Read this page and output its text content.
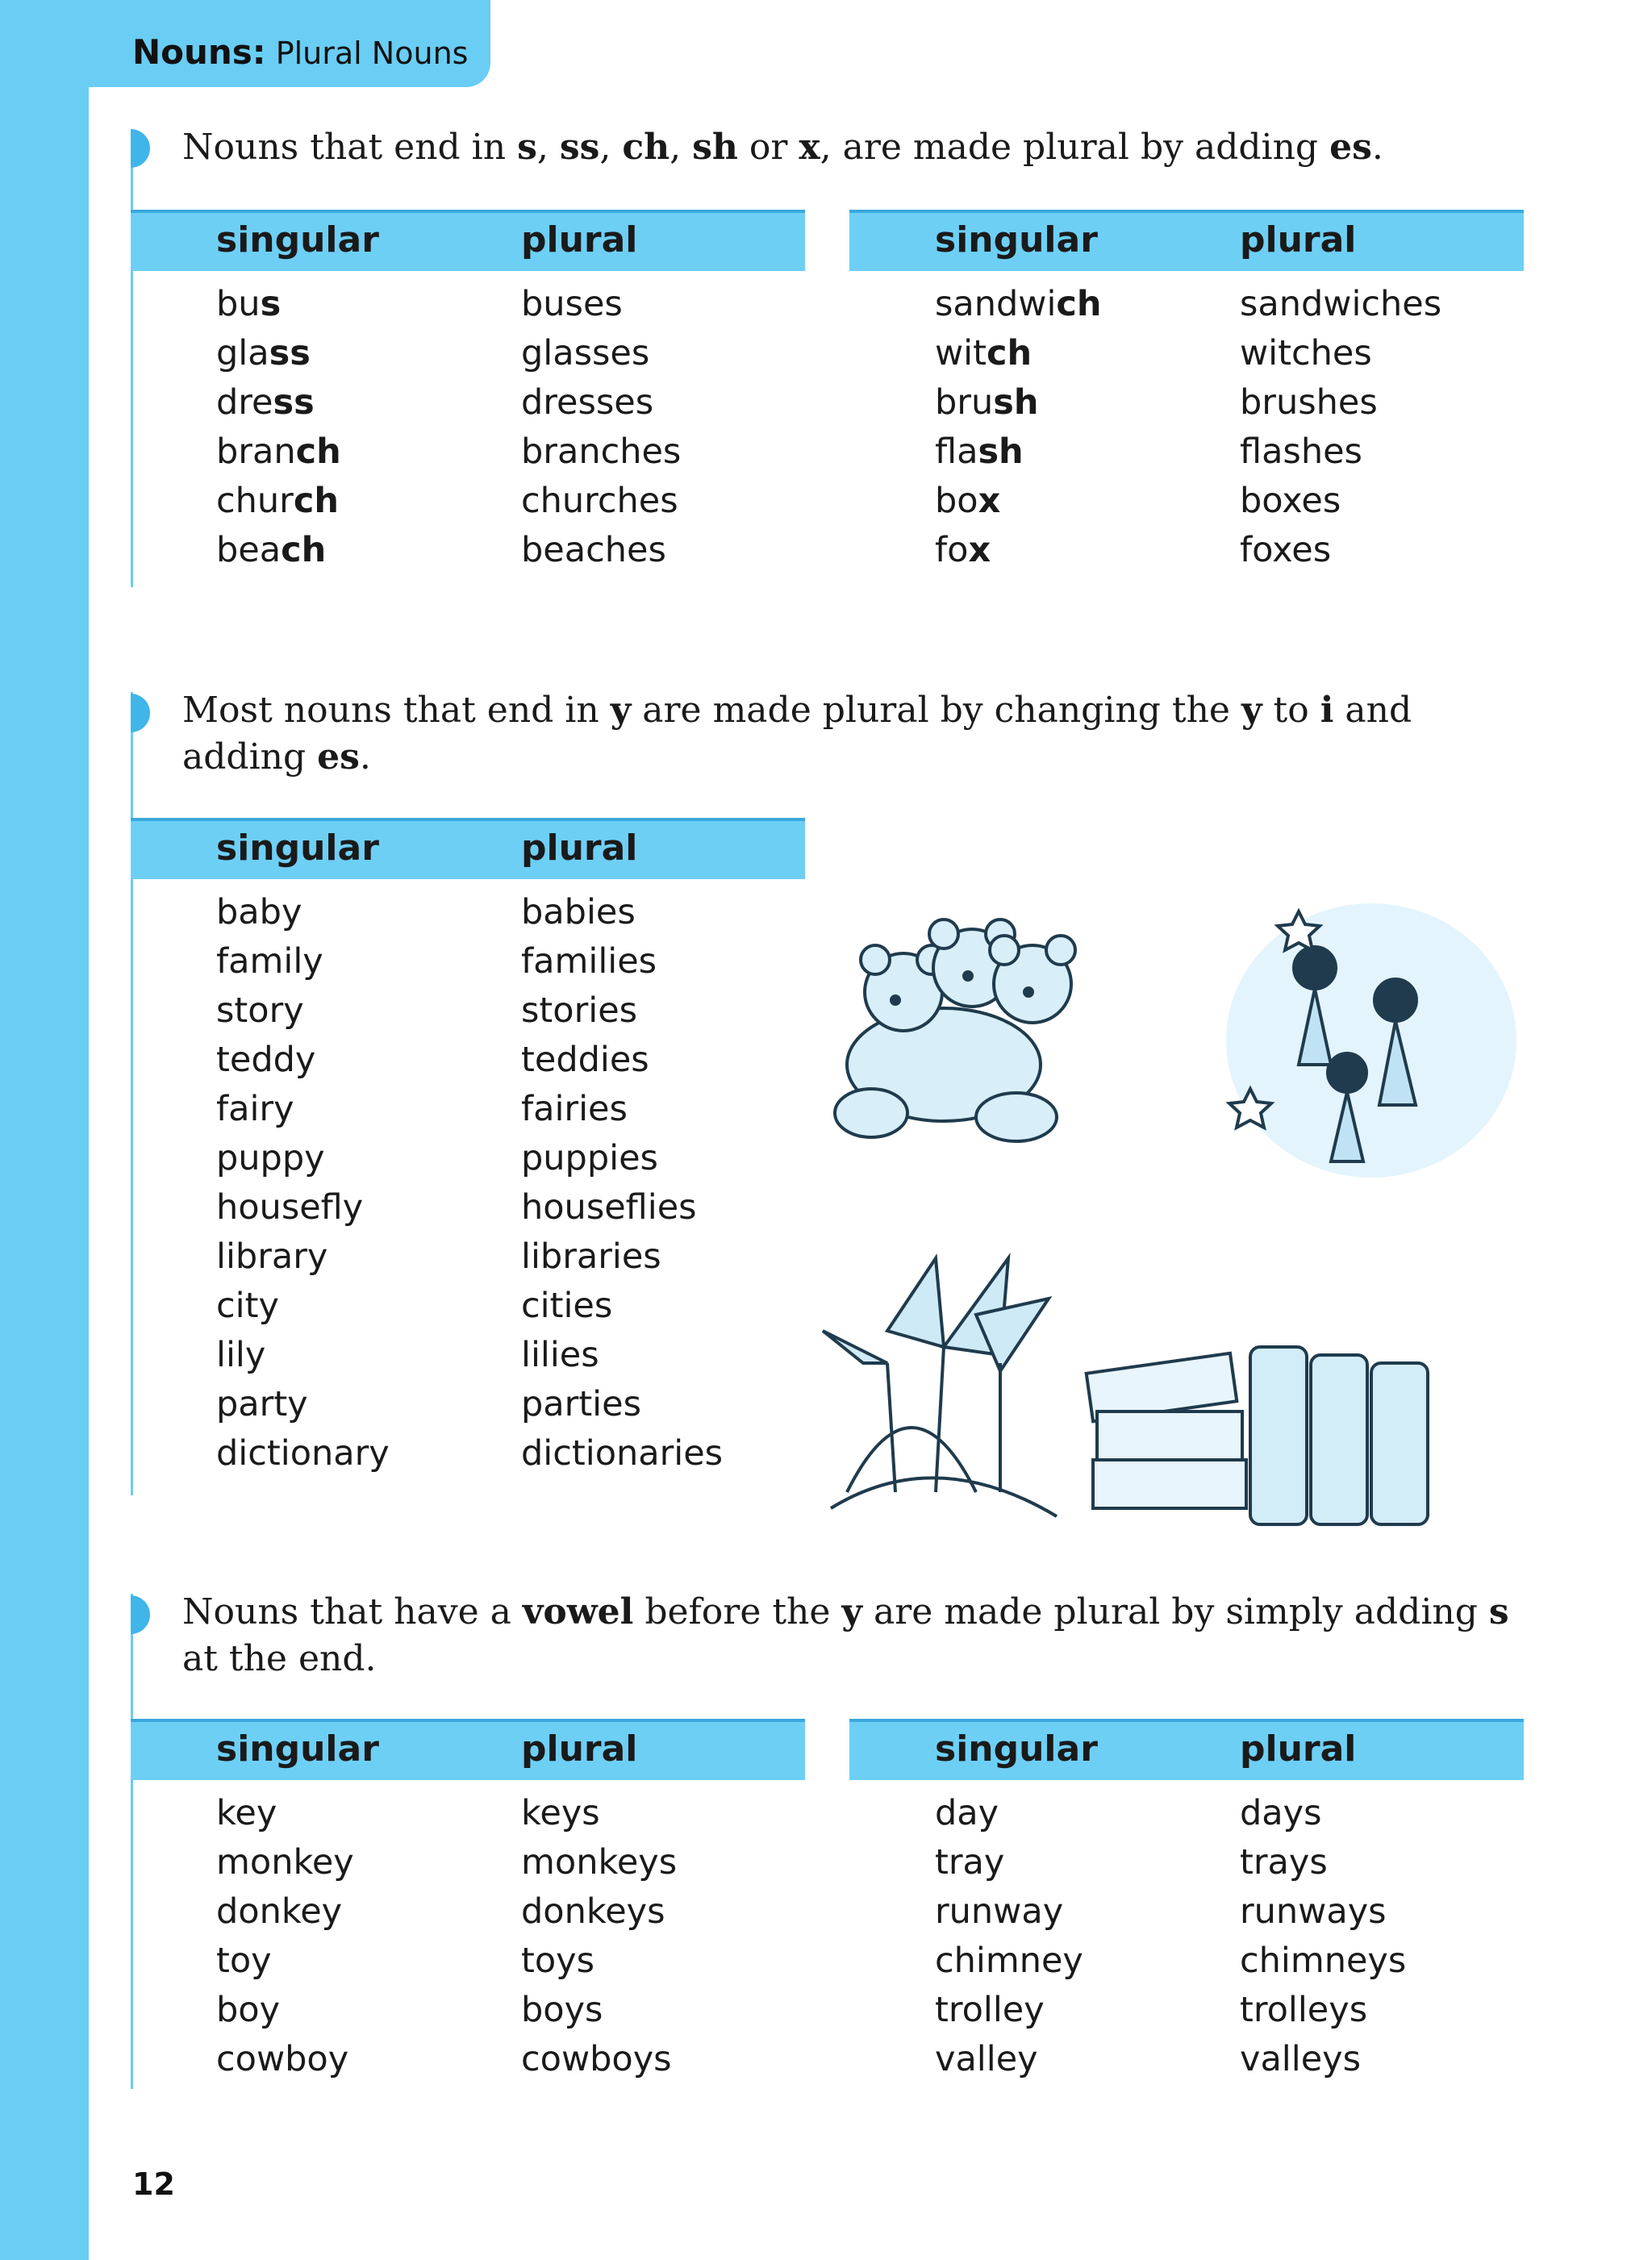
Nouns: Plural Nouns
Nouns that end in s, ss, ch, sh or x, are made plural by adding es.
singular	plural
bus	buses
glass	glasses
dress	dresses
branch	branches
church	churches
beach	beaches
singular	plural
sandwich	sandwiches
witch	witches
brush	brushes
flash	flashes
box	boxes
fox	foxes
Most nouns that end in y are made plural by changing the y to i and adding es.
singular	plural
baby	babies
family	families
story	stories
teddy	teddies
fairy	fairies
puppy	puppies
housefly	houseflies
library	libraries
city	cities
lily	lilies
party	parties
dictionary	dictionaries
Nouns that have a vowel before the y are made plural by simply adding s at the end.
singular	plural
key	keys
monkey	monkeys
donkey	donkeys
toy	toys
boy	boys
cowboy	cowboys
singular	plural
day	days
tray	trays
runway	runways
chimney	chimneys
trolley	trolleys
valley	valleys
12
